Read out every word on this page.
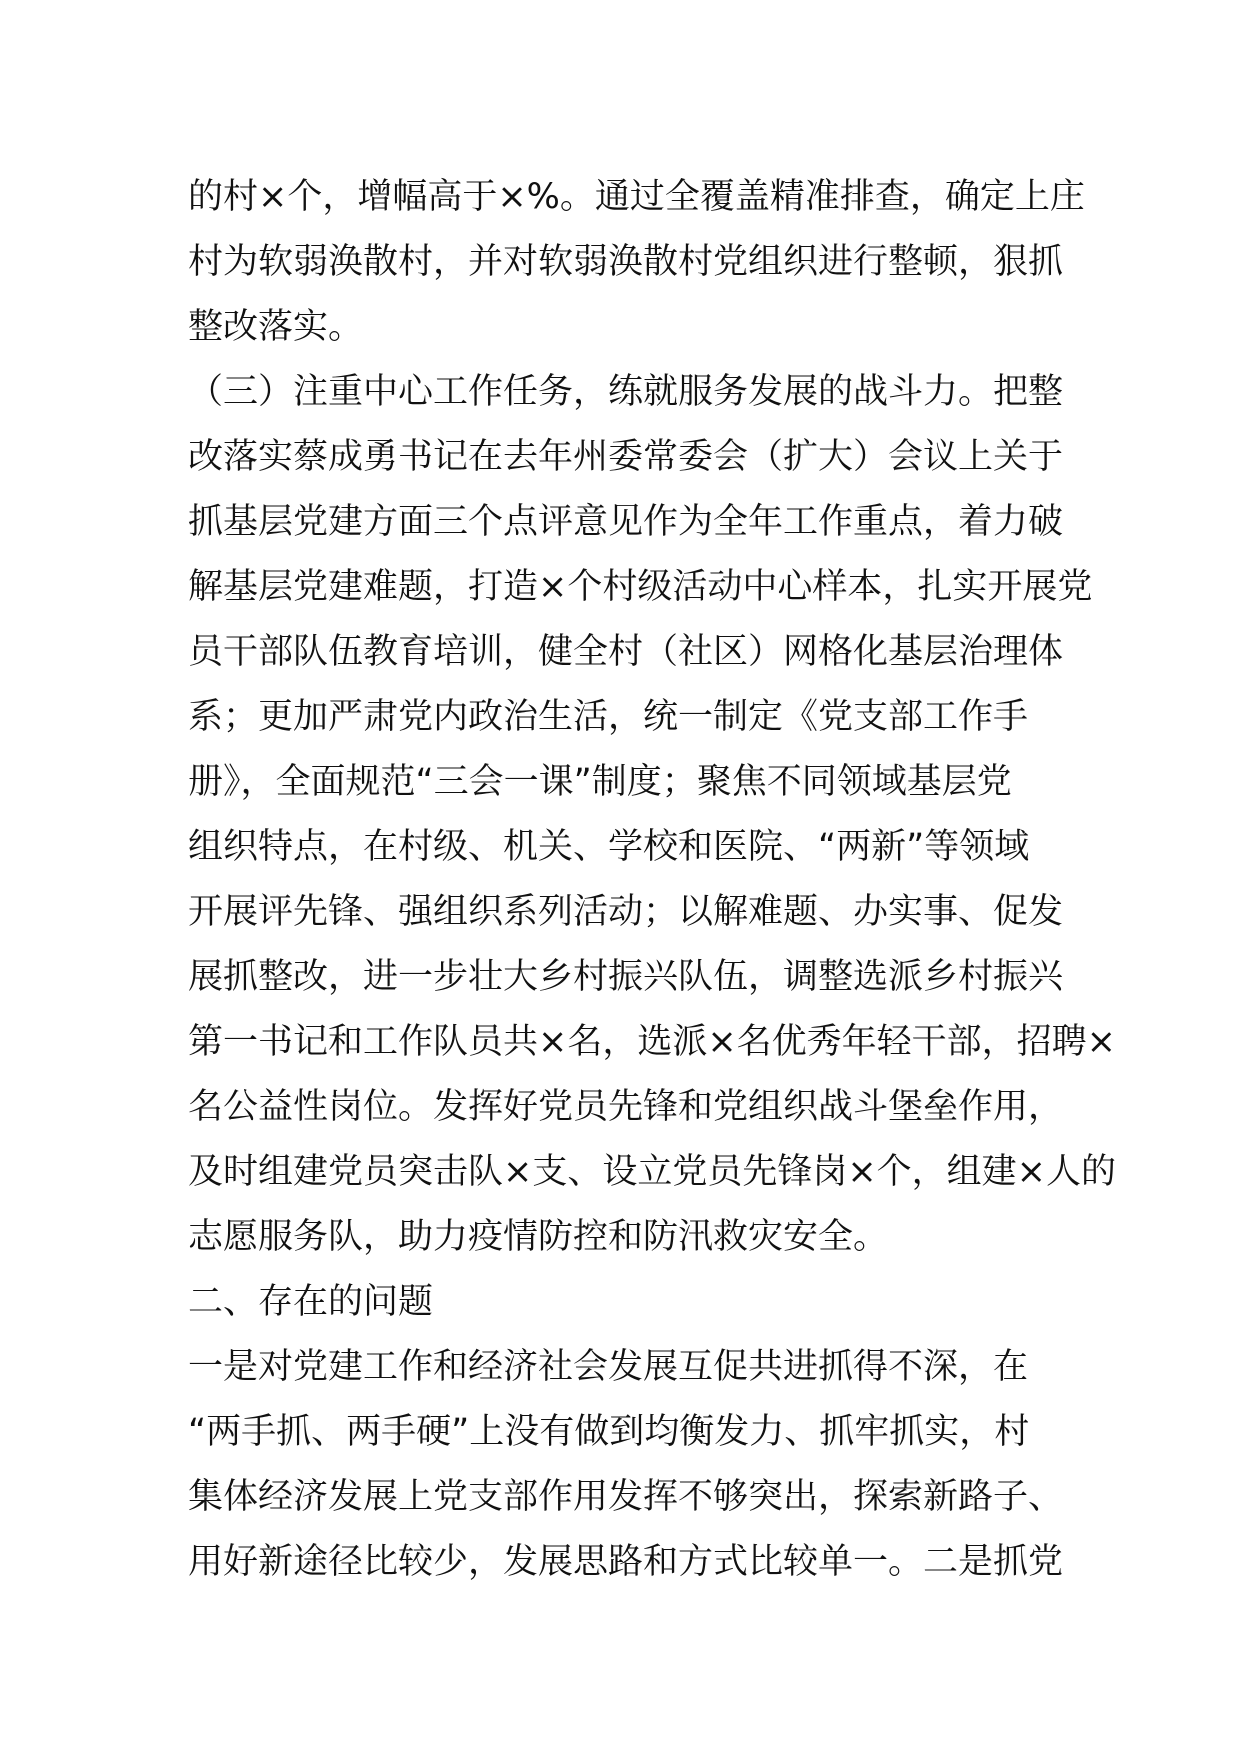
的村×个，增幅高于×%。通过全覆盖精准排查，确定上庄
村为软弱涣散村，并对软弱涣散村党组织进行整顿，狠抓
整改落实。
（三）注重中心工作任务，练就服务发展的战斗力。把整
改落实蔡成勇书记在去年州委常委会（扩大）会议上关于
抓基层党建方面三个点评意见作为全年工作重点，着力破
解基层党建难题，打造×个村级活动中心样本，扎实开展党
员干部队伍教育培训，健全村（社区）网格化基层治理体
系；更加严肃党内政治生活，统一制定《党支部工作手
册》，全面规范“三会一课”制度；聚焦不同领域基层党
组织特点，在村级、机关、学校和医院、“两新”等领域
开展评先锋、强组织系列活动；以解难题、办实事、促发
展抓整改，进一步壮大乡村振兴队伍，调整选派乡村振兴
第一书记和工作队员共×名，选派×名优秀年轻干部，招聘×
名公益性岗位。发挥好党员先锋和党组织战斗堡垒作用，
及时组建党员突击队×支、设立党员先锋岗×个，组建×人的
志愿服务队，助力疫情防控和防汛救灾安全。
二、存在的问题
一是对党建工作和经济社会发展互促共进抓得不深，在
“两手抓、两手硬”上没有做到均衡发力、抓牢抓实，村
集体经济发展上党支部作用发挥不够突出，探索新路子、
用好新途径比较少，发展思路和方式比较单一。二是抓党
